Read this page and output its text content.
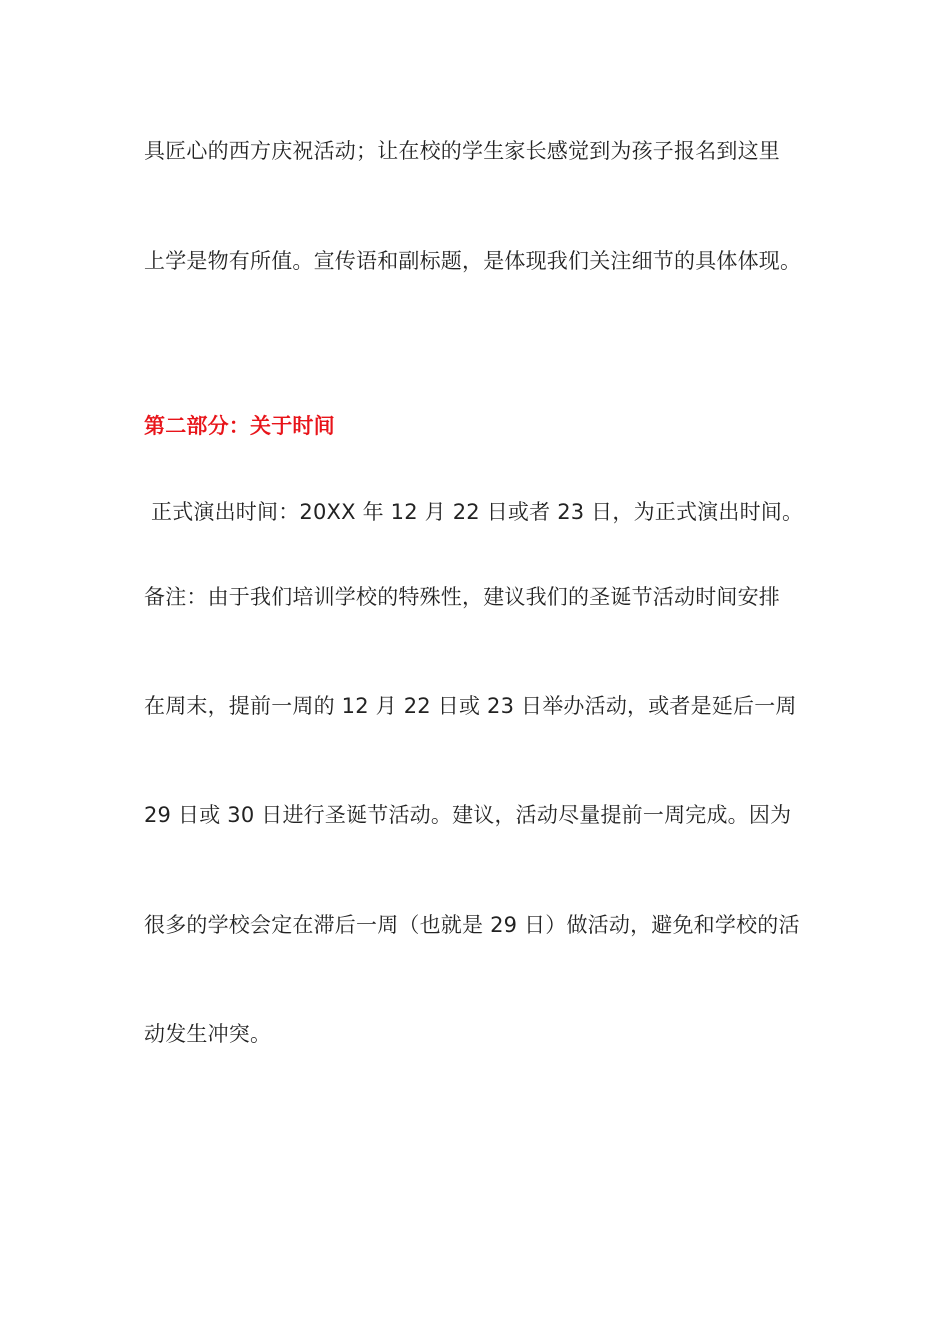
具匠心的西方庆祝活动；让在校的学生家长感觉到为孩子报名到这里
上学是物有所值。宣传语和副标题，是体现我们关注细节的具体体现。
第二部分：关于时间
正式演出时间：20XX 年 12 月 22 日或者 23 日，为正式演出时间。
备注：由于我们培训学校的特殊性，建议我们的圣诞节活动时间安排
在周末，提前一周的 12 月 22 日或 23 日举办活动，或者是延后一周
29 日或 30 日进行圣诞节活动。建议，活动尽量提前一周完成。因为
很多的学校会定在滞后一周（也就是 29 日）做活动，避免和学校的活
动发生冲突。
